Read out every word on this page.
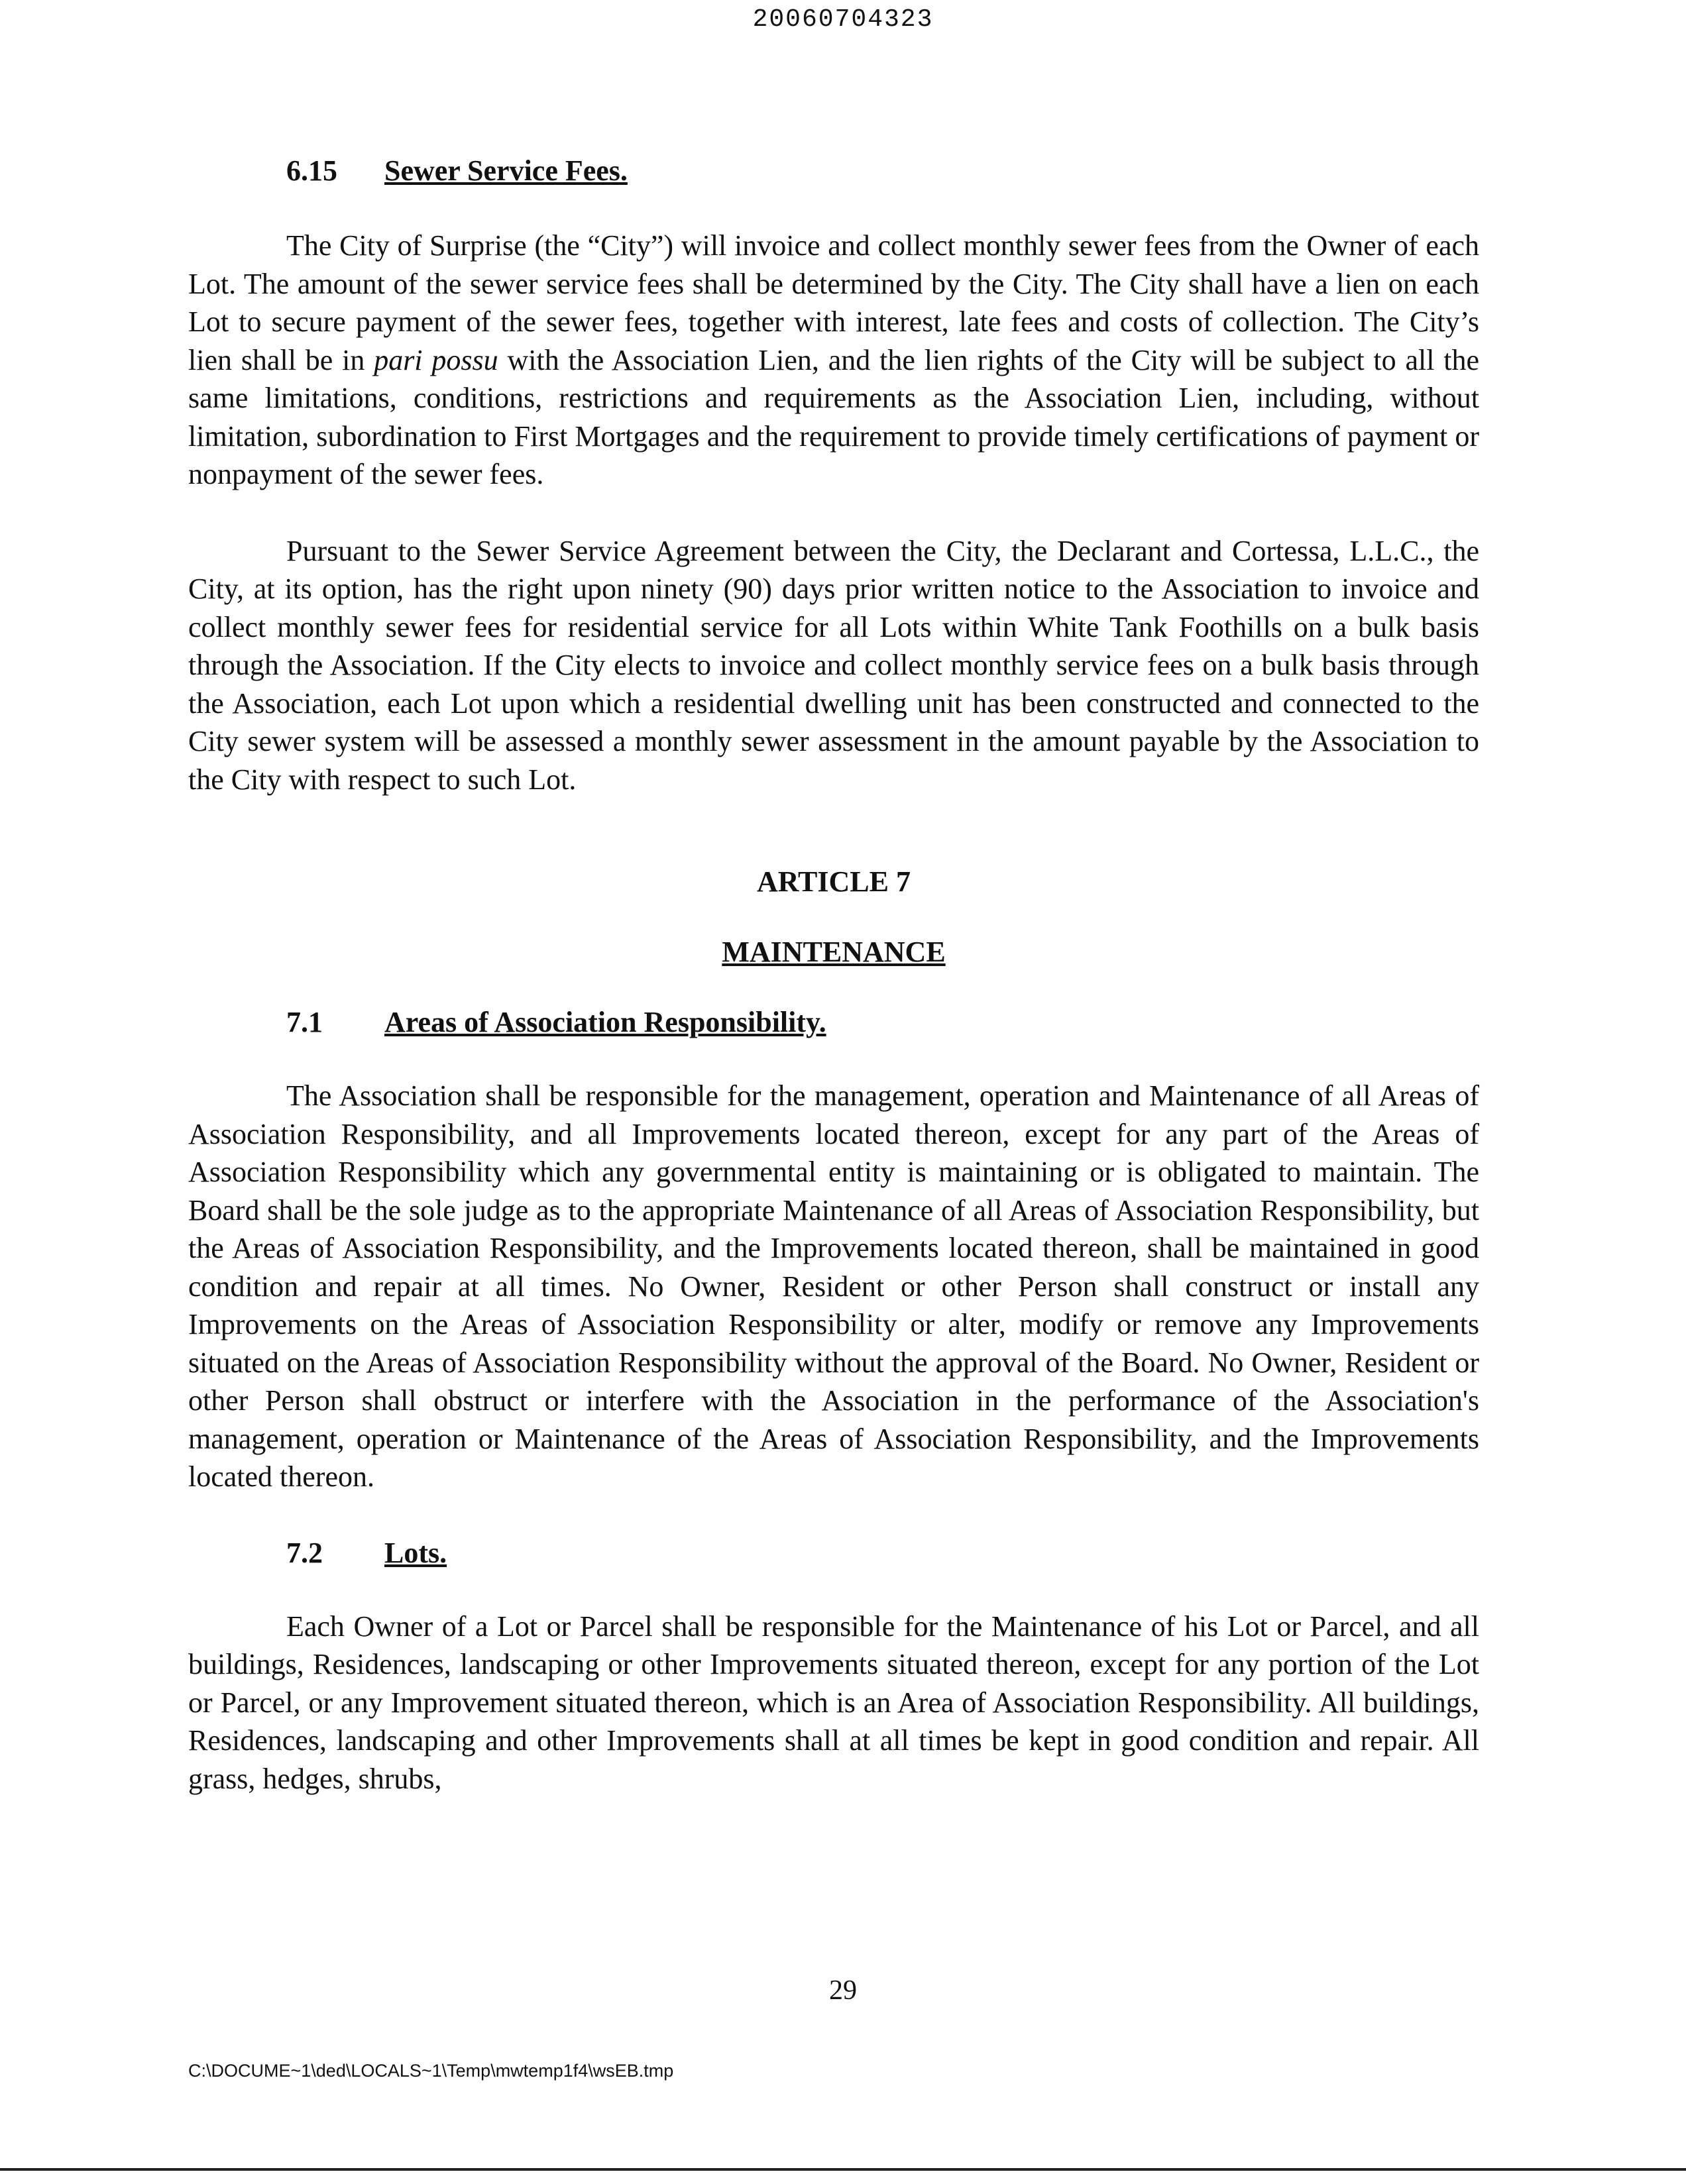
20060704323
6.15 Sewer Service Fees.

The City of Surprise (the “City”) will invoice and collect monthly sewer fees from the Owner of each Lot. The amount of the sewer service fees shall be determined by the City. The City shall have a lien on each Lot to secure payment of the sewer fees, together with interest, late fees and costs of collection. The City’s lien shall be in pari possu with the Association Lien, and the lien rights of the City will be subject to all the same limitations, conditions, restrictions and requirements as the Association Lien, including, without limitation, subordination to First Mortgages and the requirement to provide timely certifications of payment or nonpayment of the sewer fees.

Pursuant to the Sewer Service Agreement between the City, the Declarant and Cortessa, L.L.C., the City, at its option, has the right upon ninety (90) days prior written notice to the Association to invoice and collect monthly sewer fees for residential service for all Lots within White Tank Foothills on a bulk basis through the Association. If the City elects to invoice and collect monthly service fees on a bulk basis through the Association, each Lot upon which a residential dwelling unit has been constructed and connected to the City sewer system will be assessed a monthly sewer assessment in the amount payable by the Association to the City with respect to such Lot.

ARTICLE 7
MAINTENANCE
7.1 Areas of Association Responsibility.

The Association shall be responsible for the management, operation and Maintenance of all Areas of Association Responsibility, and all Improvements located thereon, except for any part of the Areas of Association Responsibility which any governmental entity is maintaining or is obligated to maintain. The Board shall be the sole judge as to the appropriate Maintenance of all Areas of Association Responsibility, but the Areas of Association Responsibility, and the Improvements located thereon, shall be maintained in good condition and repair at all times. No Owner, Resident or other Person shall construct or install any Improvements on the Areas of Association Responsibility or alter, modify or remove any Improvements situated on the Areas of Association Responsibility without the approval of the Board. No Owner, Resident or other Person shall obstruct or interfere with the Association in the performance of the Association's management, operation or Maintenance of the Areas of Association Responsibility, and the Improvements located thereon.

7.2 Lots.

Each Owner of a Lot or Parcel shall be responsible for the Maintenance of his Lot or Parcel, and all buildings, Residences, landscaping or other Improvements situated thereon, except for any portion of the Lot or Parcel, or any Improvement situated thereon, which is an Area of Association Responsibility. All buildings, Residences, landscaping and other Improvements shall at all times be kept in good condition and repair. All grass, hedges, shrubs,

29
C:\DOCUME~1\ded\LOCALS~1\Temp\mwtemp1f4\wsEB.tmp
